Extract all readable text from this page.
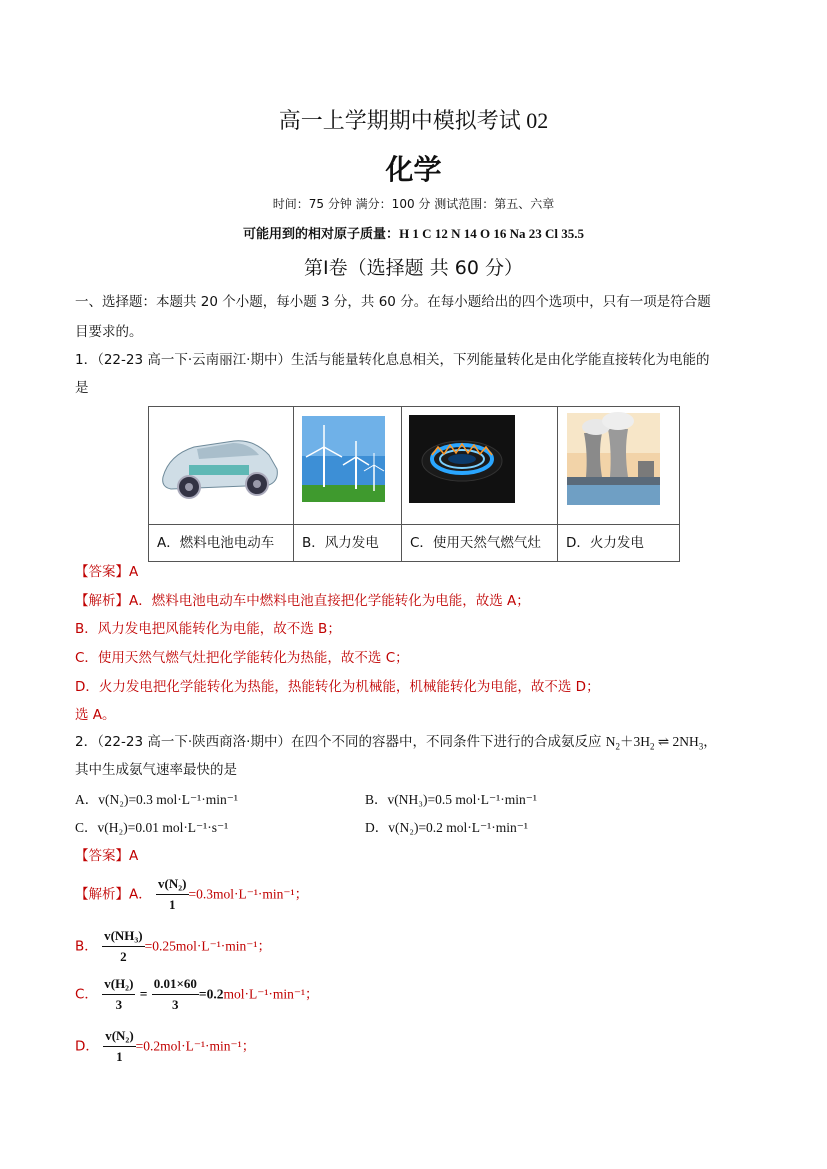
高一上学期期中模拟考试 02
化学
时间：75 分钟 满分：100 分 测试范围：第五、六章
可能用到的相对原子质量：H 1 C 12 N 14 O 16 Na 23 Cl 35.5
第Ⅰ卷（选择题 共 60 分）
一、选择题：本题共 20 个小题，每小题 3 分，共 60 分。在每小题给出的四个选项中，只有一项是符合题
目要求的。
1．（22-23 高一下·云南丽江·期中）生活与能量转化息息相关，下列能量转化是由化学能直接转化为电能的
是

A．燃料电池电动车	B．风力发电	C．使用天然气燃气灶	D．火力发电
【答案】A
【解析】A．燃料电池电动车中燃料电池直接把化学能转化为电能，故选 A；
B．风力发电把风能转化为电能，故不选 B；
C．使用天然气燃气灶把化学能转化为热能，故不选 C；
D．火力发电把化学能转化为热能，热能转化为机械能，机械能转化为电能，故不选 D；
选 A。
2．（22-23 高一下·陕西商洛·期中）在四个不同的容器中，不同条件下进行的合成氨反应 $N_2+3H_2$ ⇌ $2NH_3$，
其中生成氨气速率最快的是
A．v(N₂)=0.3 mol·L⁻¹·min⁻¹	B．v(NH₃)=0.5 mol·L⁻¹·min⁻¹
C．v(H₂)=0.01 mol·L⁻¹·s⁻¹	D．v(N₂)=0.2 mol·L⁻¹·min⁻¹
【答案】A
【解析】A． $\frac{\text{v(N₂)}}{1} =0.3mol\cdot L^{-1}\cdot\min^{-1}$；
B． $\frac{\text{v(NH₃)}}{2} =0.25mol\cdot L^{-1}\cdot\min^{-1}$；
C． $\frac{\text{v(H₂)}}{3} = \frac{0.01\times 60}{3} =0.2mol\cdot L^{-1}\cdot\min^{-1}$；
D． $\frac{\text{v(N₂)}}{1} =0.2mol\cdot L^{-1}\cdot\min^{-1}$；
